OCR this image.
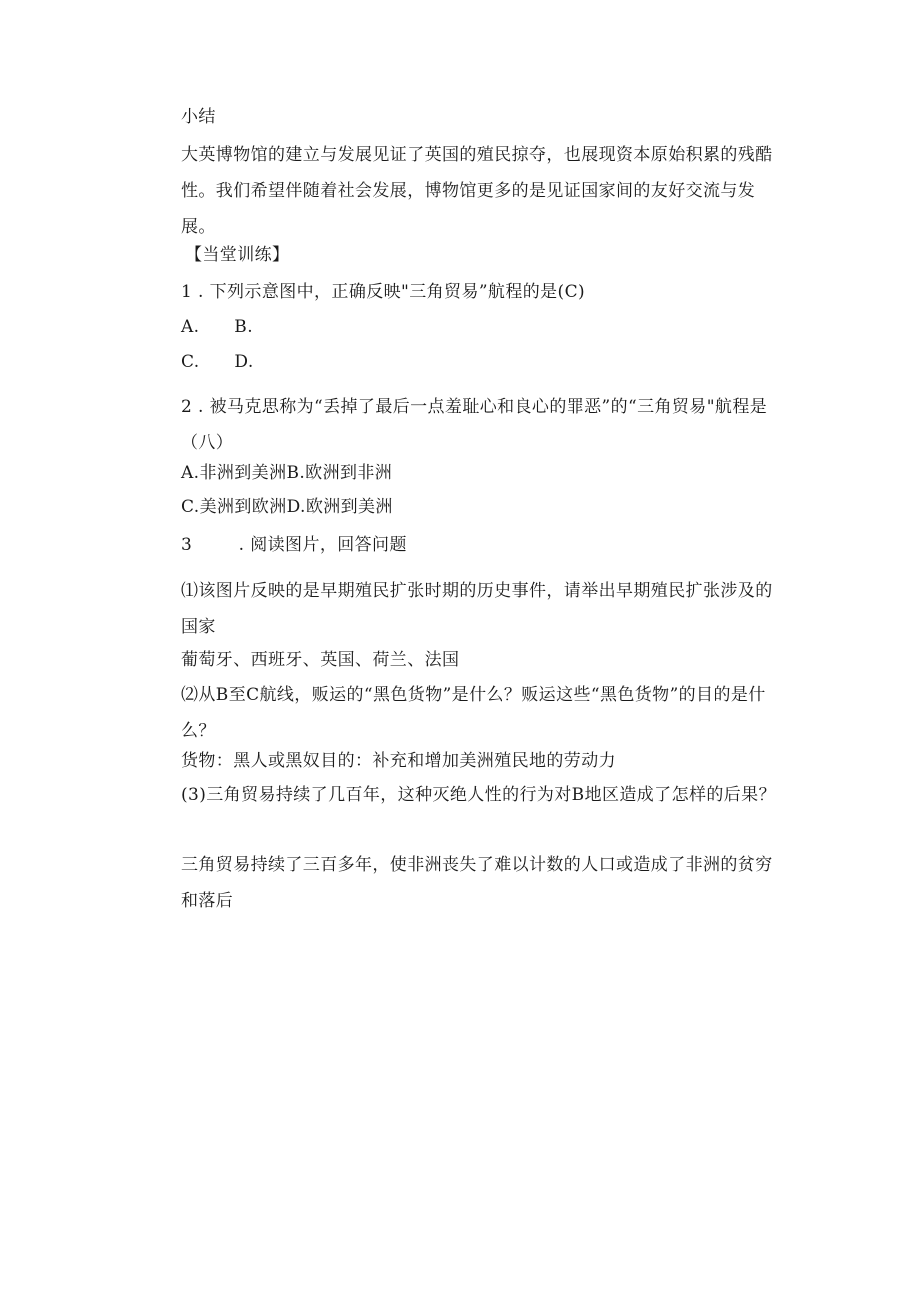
小结
大英博物馆的建立与发展见证了英国的殖民掠夺，也展现资本原始积累的残酷性。我们希望伴随着社会发展，博物馆更多的是见证国家间的友好交流与发展。
【当堂训练】
1 . 下列示意图中，正确反映"三角贸易”航程的是(C)
A.      B.
C.      D.
2 . 被马克思称为“丢掉了最后一点羞耻心和良心的罪恶”的“三角贸易"航程是（八）
A.非洲到美洲B.欧洲到非洲
C.美洲到欧洲D.欧洲到美洲
3        . 阅读图片，回答问题
⑴该图片反映的是早期殖民扩张时期的历史事件，请举出早期殖民扩张涉及的国家
葡萄牙、西班牙、英国、荷兰、法国
⑵从B至C航线，贩运的“黑色货物”是什么？贩运这些“黑色货物”的目的是什么？
货物：黑人或黑奴目的：补充和增加美洲殖民地的劳动力
(3)三角贸易持续了几百年，这种灭绝人性的行为对B地区造成了怎样的后果？
三角贸易持续了三百多年，使非洲丧失了难以计数的人口或造成了非洲的贫穷和落后
